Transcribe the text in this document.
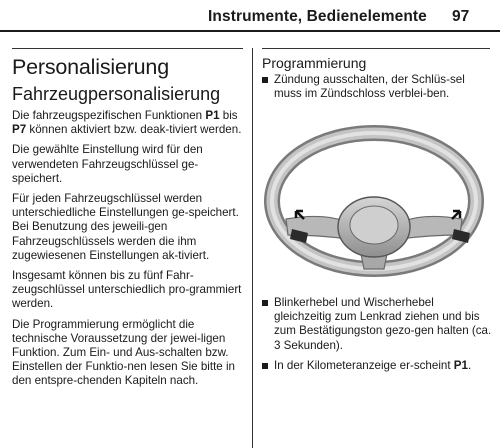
Instrumente, Bedienelemente 97
Personalisierung
Fahrzeugpersonalisierung

Die fahrzeugspezifischen Funktionen P1 bis P7 können aktiviert bzw. deak-tiviert werden.

Die gewählte Einstellung wird für den verwendeten Fahrzeugschlüssel ge-speichert.

Für jeden Fahrzeugschlüssel werden unterschiedliche Einstellungen ge-speichert. Bei Benutzung des jeweili-gen Fahrzeugschlüssels werden die ihm zugewiesenen Einstellungen ak-tiviert.

Insgesamt können bis zu fünf Fahr-zeugschlüssel unterschiedlich pro-grammiert werden.

Die Programmierung ermöglicht die technische Voraussetzung der jewei-ligen Funktion. Zum Ein- und Aus-schalten bzw. Einstellen der Funktio-nen lesen Sie bitte in den entspre-chenden Kapiteln nach.

Programmierung

Zündung ausschalten, der Schlüs-sel muss im Zündschloss verblei-ben.

Blinkerhebel und Wischerhebel gleichzeitig zum Lenkrad ziehen und bis zum Bestätigungston gezo-gen halten (ca. 3 Sekunden).

In der Kilometeranzeige er-scheint P1.
